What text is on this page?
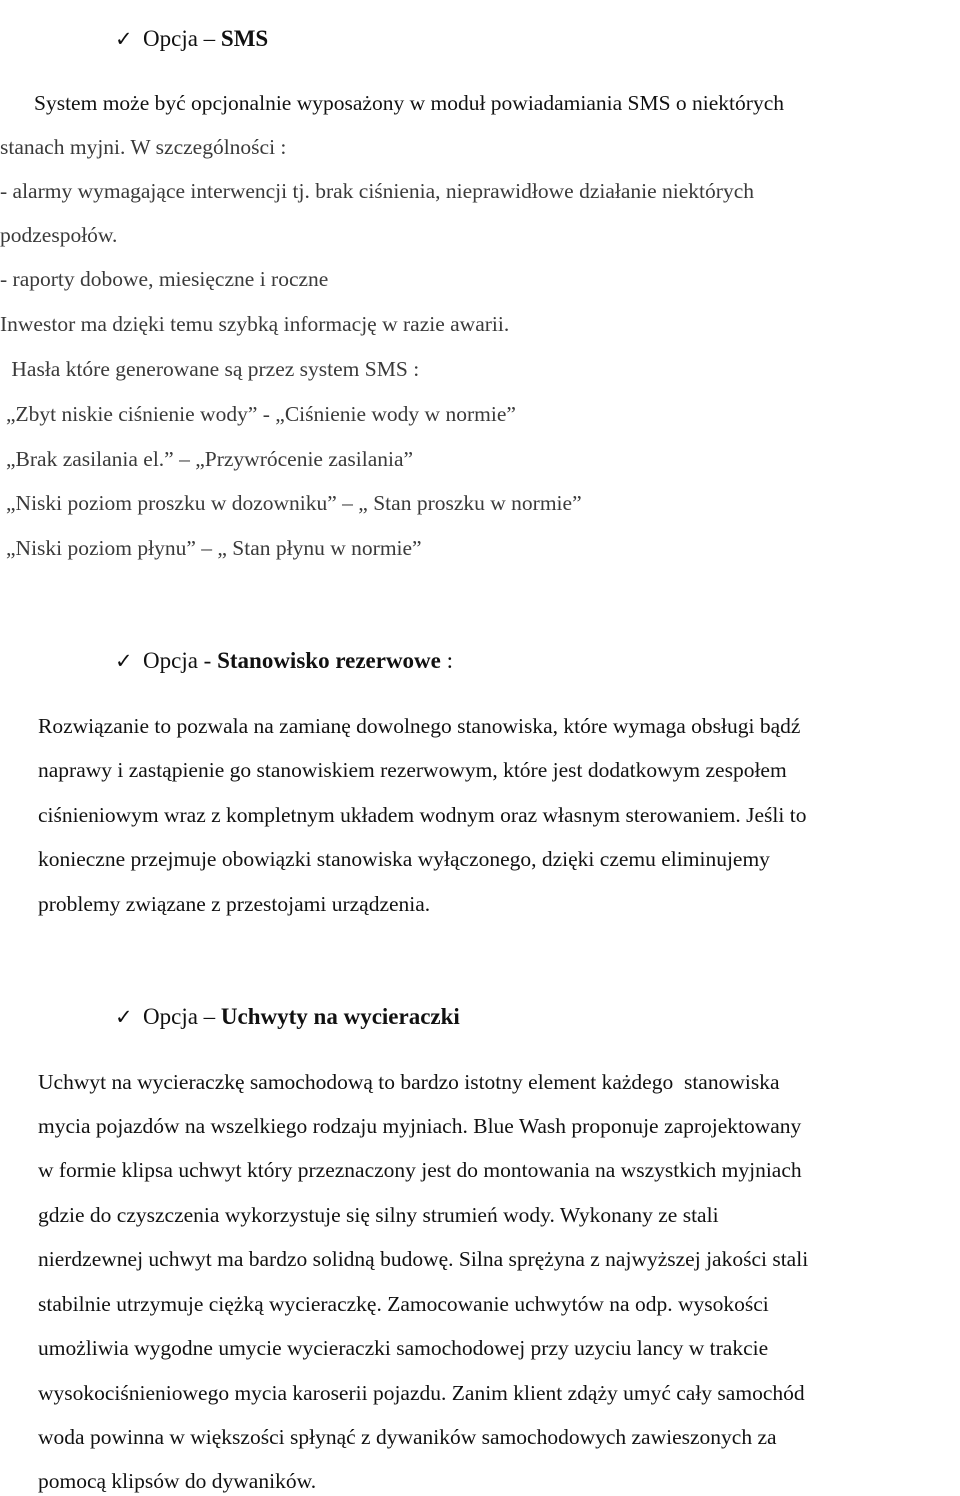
✓ Opcja – SMS

System może być opcjonalnie wyposażony w moduł powiadamiania SMS o niektórych
stanach myjni. W szczególności :
- alarmy wymagające interwencji tj. brak ciśnienia, nieprawidłowe działanie niektórych
podzespołów.
- raporty dobowe, miesięczne i roczne
Inwestor ma dzięki temu szybką informację w razie awarii.
Hasła które generowane są przez system SMS :
„Zbyt niskie ciśnienie wody” - „Ciśnienie wody w normie”
„Brak zasilania el.” – „Przywrócenie zasilania”
„Niski poziom proszku w dozowniku” – „ Stan proszku w normie”
„Niski poziom płynu” – „ Stan płynu w normie”

✓ Opcja - Stanowisko rezerwowe :

Rozwiązanie to pozwala na zamianę dowolnego stanowiska, które wymaga obsługi bądź
naprawy i zastąpienie go stanowiskiem rezerwowym, które jest dodatkowym zespołem
ciśnieniowym wraz z kompletnym układem wodnym oraz własnym sterowaniem. Jeśli to
konieczne przejmuje obowiązki stanowiska wyłączonego, dzięki czemu eliminujemy
problemy związane z przestojami urządzenia.

✓ Opcja – Uchwyty na wycieraczki

Uchwyt na wycieraczkę samochodową to bardzo istotny element każdego  stanowiska
mycia pojazdów na wszelkiego rodzaju myjniach. Blue Wash proponuje zaprojektowany
w formie klipsa uchwyt który przeznaczony jest do montowania na wszystkich myjniach
gdzie do czyszczenia wykorzystuje się silny strumień wody. Wykonany ze stali
nierdzewnej uchwyt ma bardzo solidną budowę. Silna sprężyna z najwyższej jakości stali
stabilnie utrzymuje ciężką wycieraczkę. Zamocowanie uchwytów na odp. wysokości
umożliwia wygodne umycie wycieraczki samochodowej przy uzyciu lancy w trakcie
wysokociśnieniowego mycia karoserii pojazdu. Zanim klient zdąży umyć cały samochód
woda powinna w większości spłynąć z dywaników samochodowych zawieszonych za
pomocą klipsów do dywaników.
